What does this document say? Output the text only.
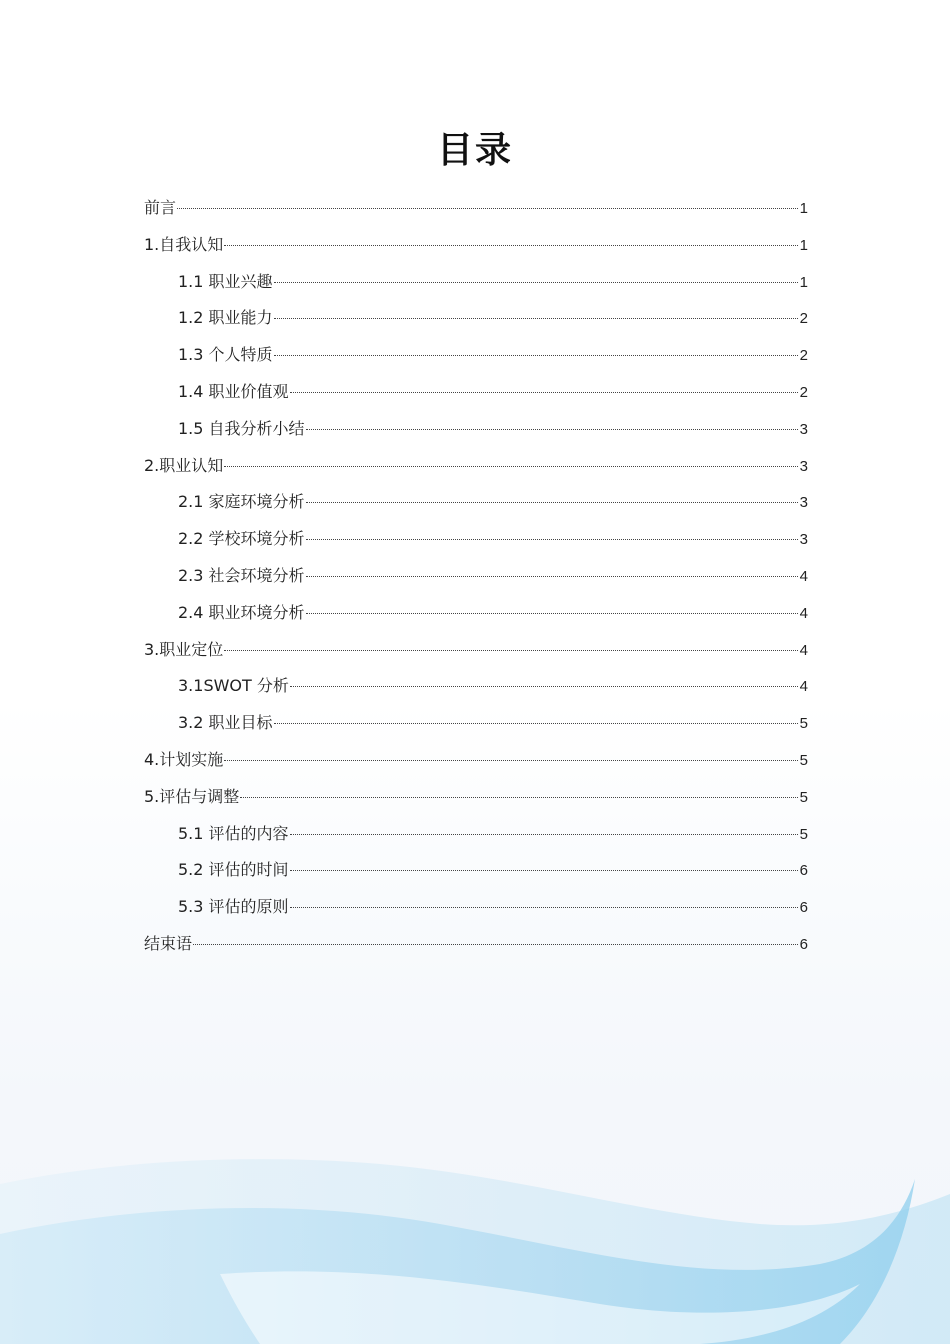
目录
前言	1
1.自我认知	1
1.1 职业兴趣	1
1.2 职业能力	2
1.3 个人特质	2
1.4 职业价值观	2
1.5 自我分析小结	3
2.职业认知	3
2.1 家庭环境分析	3
2.2 学校环境分析	3
2.3 社会环境分析	4
2.4 职业环境分析	4
3.职业定位	4
3.1SWOT 分析	4
3.2 职业目标	5
4.计划实施	5
5.评估与调整	5
5.1 评估的内容	5
5.2 评估的时间	6
5.3 评估的原则	6
结束语	6
